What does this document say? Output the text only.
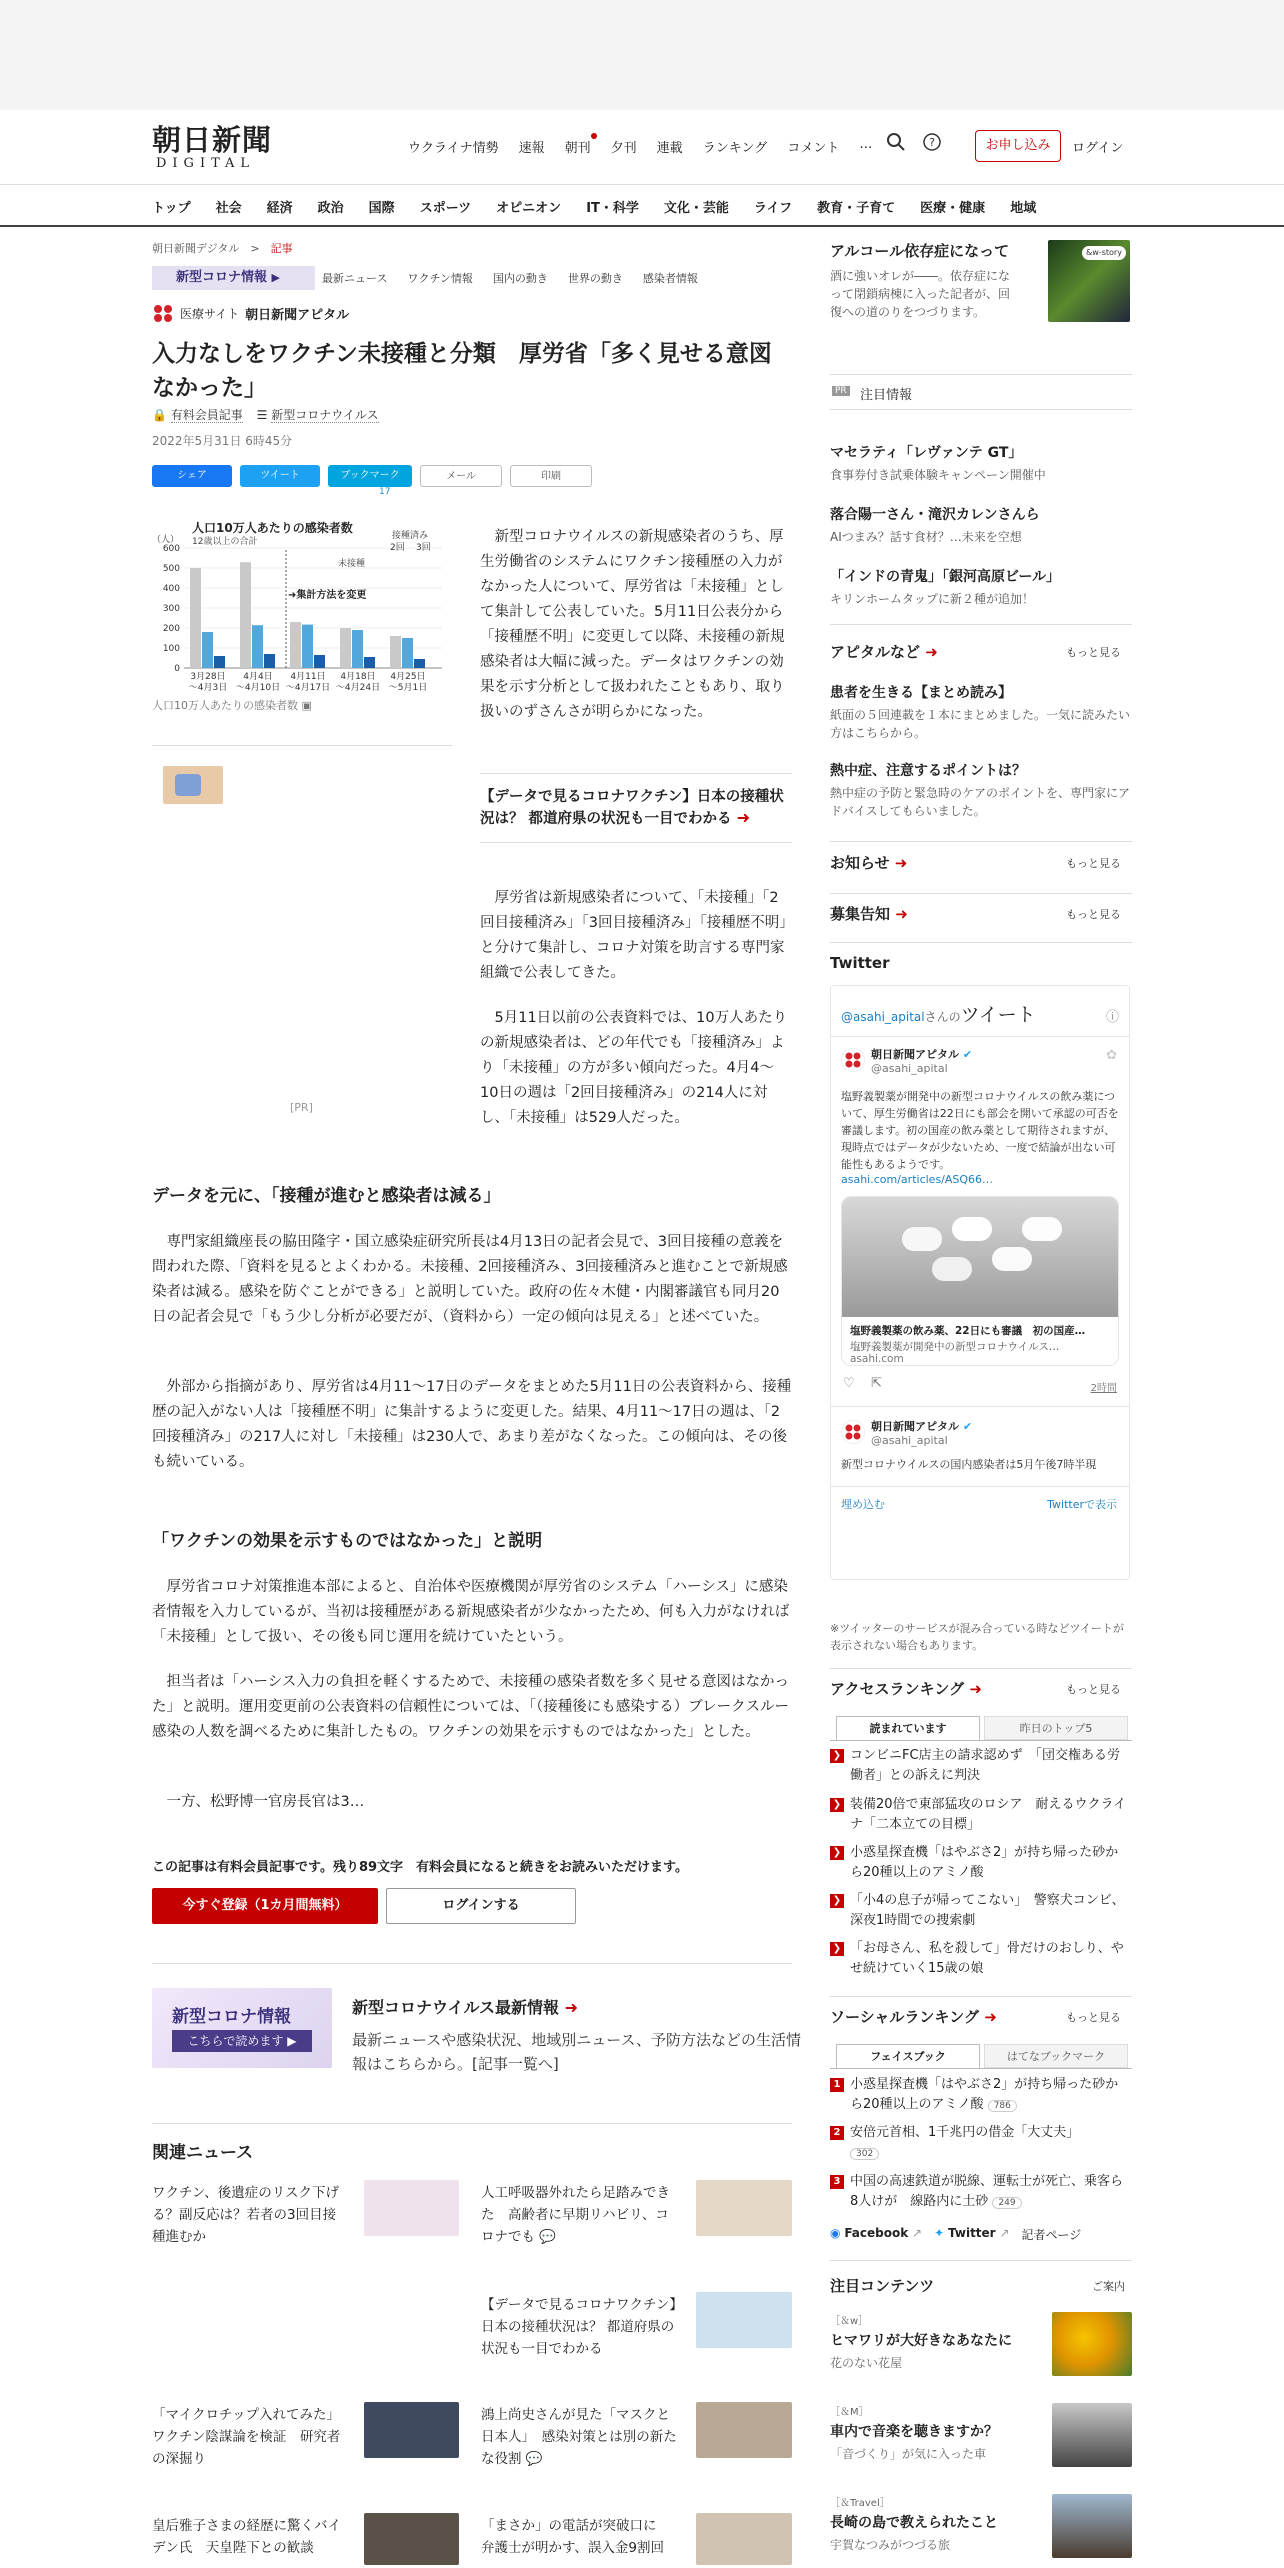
朝日新聞
DIGITAL
ウクライナ情勢 速報 朝刊 夕刊 連載 ランキング コメント …	?	お申し込み	ログイン
トップ 社会 経済 政治 国際 スポーツ オピニオン IT・科学 文化・芸能 ライフ 教育・子育て 医療・健康 地域
朝日新聞デジタル　 >　 記事
新型コロナ情報 ▶	最新ニュース ワクチン情報 国内の動き 世界の動き 感染者情報
医療サイト 朝日新聞アピタル
入力なしをワクチン未接種と分類　厚労省「多く見せる意図なかった」
🔒 有料会員記事 ☰ 新型コロナウイルス
2022年5月31日 6時45分
シェア	ツイート	ブックマーク	メール	印刷
17
人口10万人あたりの感染者数
12歳以上の合計
（人）
0
100
200
300
400
500
600
3月28日
～4月3日
4月4日
～4月10日
4月11日
～4月17日
4月18日
～4月24日
4月25日
～5月1日
➜集計方法を変更
未接種
接種済み
2回 3回
人口10万人あたりの感染者数 ▣
[PR]

新型コロナウイルスの新規感染者のうち、厚生労働省のシステムにワクチン接種歴の入力がなかった人について、厚労省は「未接種」として集計して公表していた。5月11日公表分から「接種歴不明」に変更して以降、未接種の新規感染者は大幅に減った。データはワクチンの効果を示す分析として扱われたこともあり、取り扱いのずさんさが明らかになった。

【データで見るコロナワクチン】日本の接種状況は？ 都道府県の状況も一目でわかる ➜

厚労省は新規感染者について、「未接種」「2回目接種済み」「3回目接種済み」「接種歴不明」と分けて集計し、コロナ対策を助言する専門家組織で公表してきた。

5月11日以前の公表資料では、10万人あたりの新規感染者は、どの年代でも「接種済み」より「未接種」の方が多い傾向だった。4月4～10日の週は「2回目接種済み」の214人に対し、「未接種」は529人だった。

データを元に、「接種が進むと感染者は減る」

専門家組織座長の脇田隆字・国立感染症研究所長は4月13日の記者会見で、3回目接種の意義を問われた際、「資料を見るとよくわかる。未接種、2回接種済み、3回接種済みと進むことで新規感染者は減る。感染を防ぐことができる」と説明していた。政府の佐々木健・内閣審議官も同月20日の記者会見で「もう少し分析が必要だが、（資料から）一定の傾向は見える」と述べていた。

外部から指摘があり、厚労省は4月11～17日のデータをまとめた5月11日の公表資料から、接種歴の記入がない人は「接種歴不明」に集計するように変更した。結果、4月11～17日の週は、「2回接種済み」の217人に対し「未接種」は230人で、あまり差がなくなった。この傾向は、その後も続いている。

「ワクチンの効果を示すものではなかった」と説明

厚労省コロナ対策推進本部によると、自治体や医療機関が厚労省のシステム「ハーシス」に感染者情報を入力しているが、当初は接種歴がある新規感染者が少なかったため、何も入力がなければ「未接種」として扱い、その後も同じ運用を続けていたという。

担当者は「ハーシス入力の負担を軽くするためで、未接種の感染者数を多く見せる意図はなかった」と説明。運用変更前の公表資料の信頼性については、「（接種後にも感染する）ブレークスルー感染の人数を調べるために集計したもの。ワクチンの効果を示すものではなかった」とした。

一方、松野博一官房長官は3…

この記事は有料会員記事です。残り89文字　有料会員になると続きをお読みいただけます。
今すぐ登録（1カ月間無料）	ログインする
新型コロナ情報
こちらで読めます ▶
新型コロナウイルス最新情報 ➜
最新ニュースや感染状況、地域別ニュース、予防方法などの生活情報はこちらから。[記事一覧へ]
関連ニュース
ワクチン、後遺症のリスク下げる？副反応は？若者の3回目接種進むか
人工呼吸器外れたら足踏みできた　高齢者に早期リハビリ、コロナでも 💬
【データで見るコロナワクチン】日本の接種状況は？ 都道府県の状況も一目でわかる
「マイクロチップ入れてみた」ワクチン陰謀論を検証　研究者の深掘り
鴻上尚史さんが見た「マスクと日本人」　感染対策とは別の新たな役割 💬
皇后雅子さまの経歴に驚くバイデン氏　天皇陛下との歓談
「まさか」の電話が突破口に　弁護士が明かす、誤入金9割回
アルコール依存症になって
酒に強いオレが――。依存症になって閉鎖病棟に入った記者が、回復への道のりをつづります。
&w-story
PR 注目情報
マセラティ「レヴァンテ GT」
食事券付き試乗体験キャンペーン開催中
落合陽一さん・滝沢カレンさんら
AIつまみ？話す食材？…未来を空想
「インドの青鬼」「銀河高原ビール」
キリンホームタップに新２種が追加！
アピタルなど ➜	もっと見る
患者を生きる【まとめ読み】
紙面の５回連載を１本にまとめました。一気に読みたい方はこちらから。
熱中症、注意するポイントは？
熱中症の予防と緊急時のケアのポイントを、専門家にアドバイスしてもらいました。
お知らせ ➜	もっと見る
募集告知 ➜	もっと見る
Twitter
@asahi_apitalさんのツイート	ⓘ
朝日新聞アピタル ✔
@asahi_apital
✿
塩野義製薬が開発中の新型コロナウイルスの飲み薬について、厚生労働省は22日にも部会を開いて承認の可否を審議します。初の国産の飲み薬として期待されますが、現時点ではデータが少ないため、一度で結論が出ない可能性もあるようです。
asahi.com/articles/ASQ66…
塩野義製薬の飲み薬、22日にも審議　初の国産…
塩野義製薬が開発中の新型コロナウイルス…
asahi.com
♡ ⇱	2時間
朝日新聞アピタル ✔
@asahi_apital
新型コロナウイルスの国内感染者は5月午後7時半現
埋め込む	Twitterで表示
※ツイッターのサービスが混み合っている時などツイートが表示されない場合もあります。
アクセスランキング ➜	もっと見る
読まれています	昨日のトップ5
❯ コンビニFC店主の請求認めず　「団交権ある労働者」との訴えに判決
❯ 装備20倍で東部猛攻のロシア　耐えるウクライナ「二本立ての目標」
❯ 小惑星探査機「はやぶさ2」が持ち帰った砂から20種以上のアミノ酸
❯ 「小4の息子が帰ってこない」　警察犬コンビ、深夜1時間での捜索劇
❯ 「お母さん、私を殺して」骨だけのおしり、やせ続けていく15歳の娘
ソーシャルランキング ➜	もっと見る
フェイスブック	はてなブックマーク
1 小惑星探査機「はやぶさ2」が持ち帰った砂から20種以上のアミノ酸 786
2 安倍元首相、1千兆円の借金「大丈夫」
302
3 中国の高速鉄道が脱線、運転士が死亡、乗客ら8人けが　線路内に土砂 249
◉ Facebook ↗ ✦ Twitter ↗ 記者ページ
注目コンテンツ	ご案内
［＆w］
ヒマワリが大好きなあなたに
花のない花屋
［＆M］
車内で音楽を聴きますか？
「音づくり」が気に入った車
［＆Travel］
長崎の島で教えられたこと
宇賀なつみがつづる旅
